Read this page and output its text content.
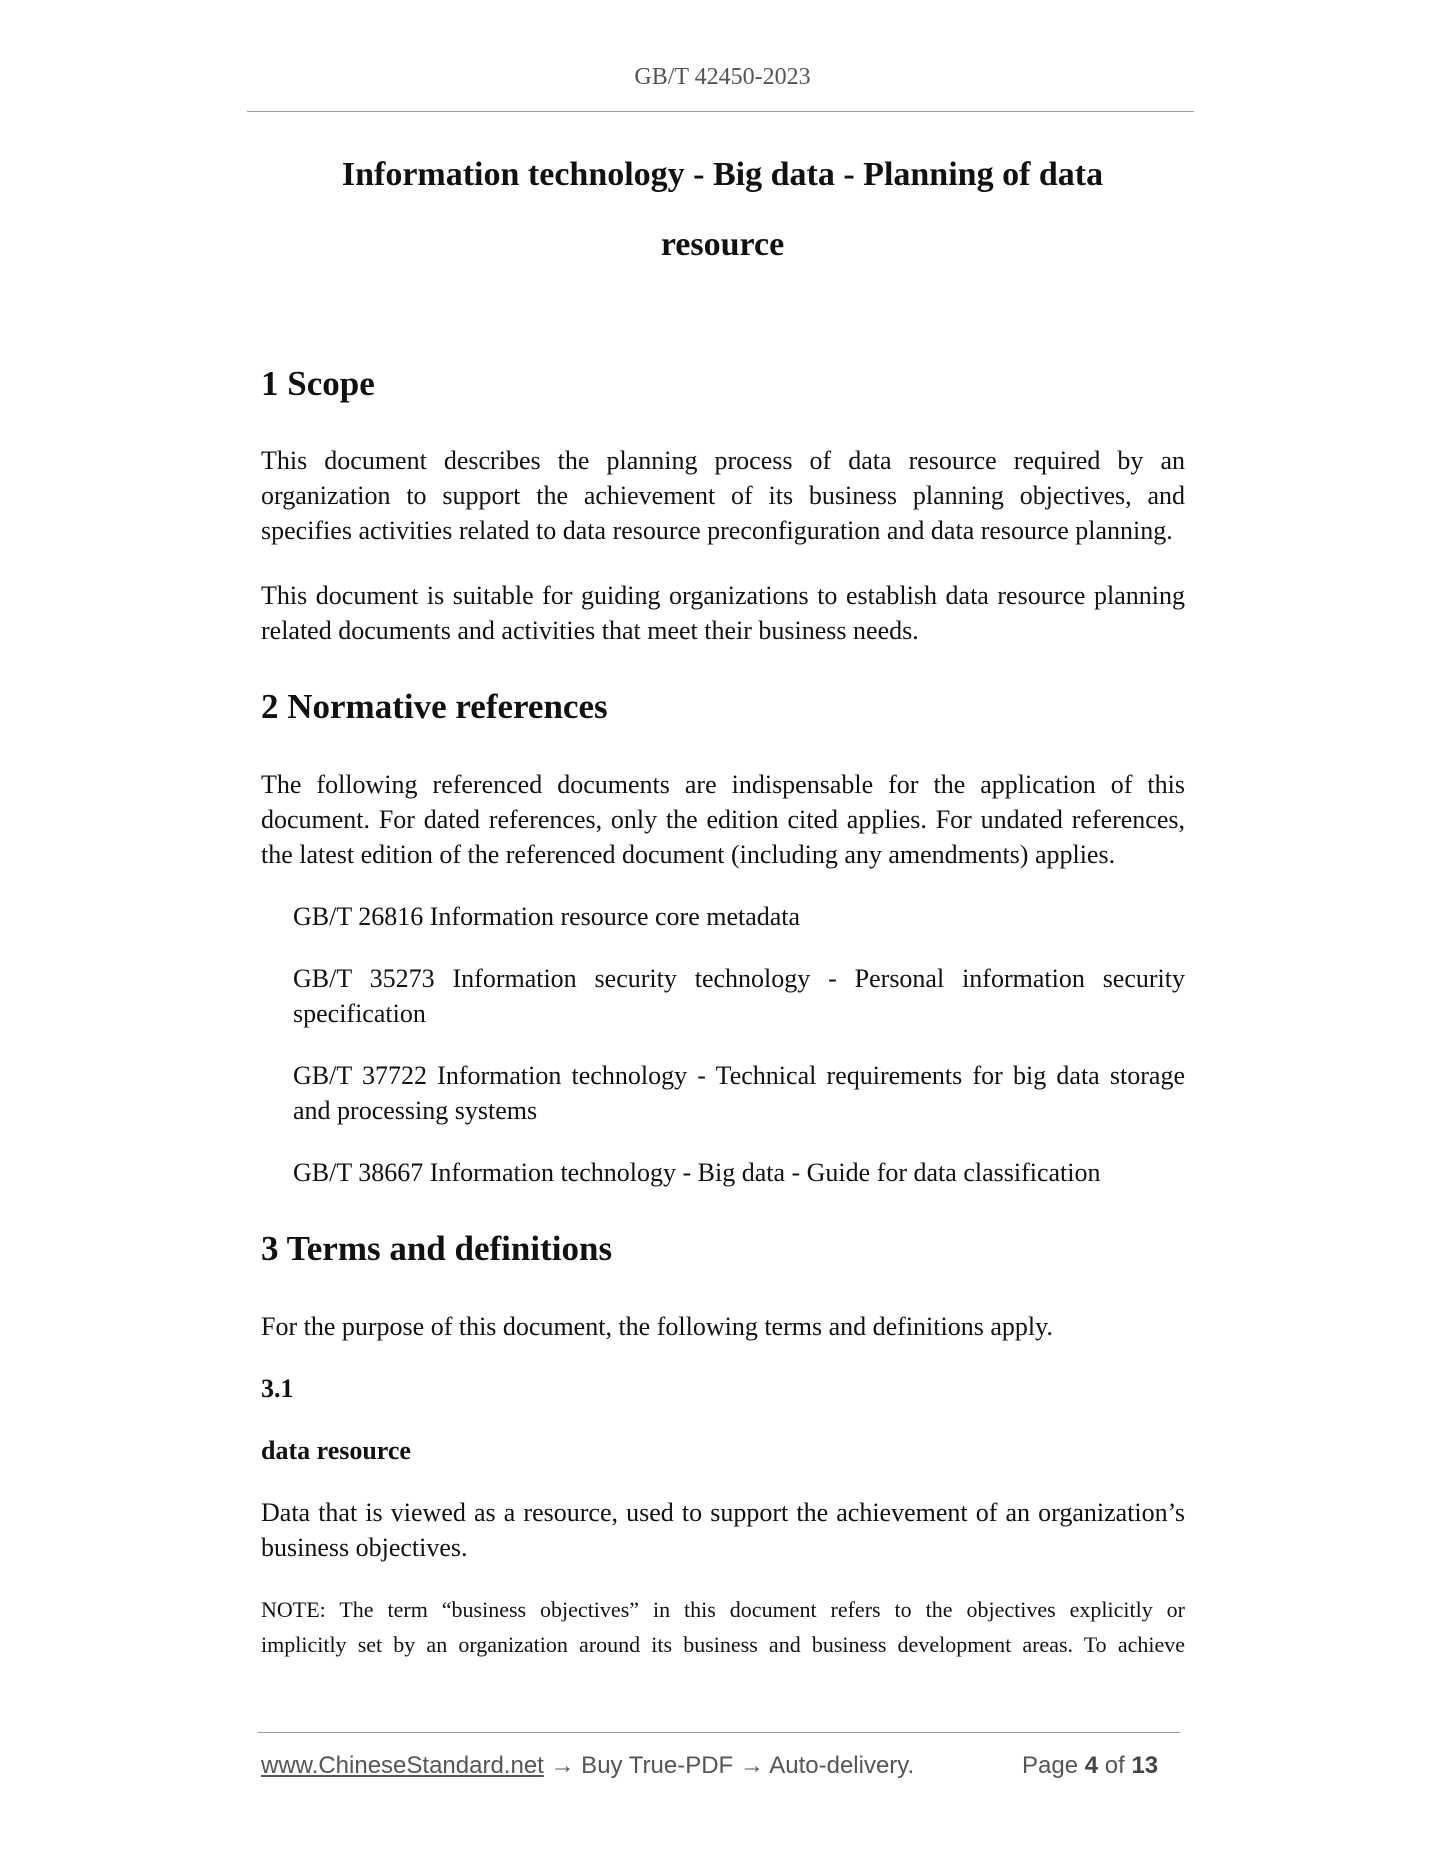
GB/T 42450-2023
Information technology - Big data - Planning of data
resource
1 Scope
This document describes the planning process of data resource required by an
organization to support the achievement of its business planning objectives, and
specifies activities related to data resource preconfiguration and data resource planning.
This document is suitable for guiding organizations to establish data resource planning
related documents and activities that meet their business needs.
2 Normative references
The following referenced documents are indispensable for the application of this
document. For dated references, only the edition cited applies. For undated references,
the latest edition of the referenced document (including any amendments) applies.
GB/T 26816 Information resource core metadata
GB/T 35273 Information security technology - Personal information security
specification
GB/T 37722 Information technology - Technical requirements for big data storage
and processing systems
GB/T 38667 Information technology - Big data - Guide for data classification
3 Terms and definitions
For the purpose of this document, the following terms and definitions apply.
3.1
data resource
Data that is viewed as a resource, used to support the achievement of an organization’s
business objectives.
NOTE: The term “business objectives” in this document refers to the objectives explicitly or
implicitly set by an organization around its business and business development areas. To achieve
www.ChineseStandard.net → Buy True-PDF → Auto-delivery.	Page 4 of 13
